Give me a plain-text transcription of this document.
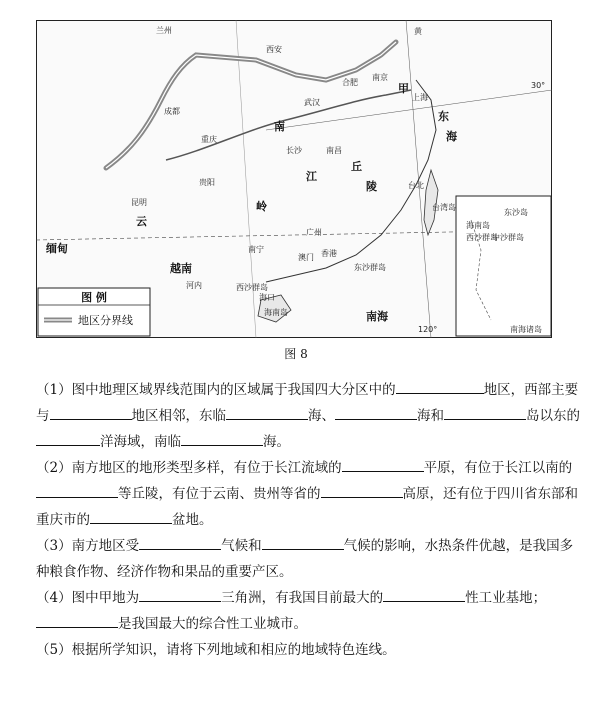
图 例
地区分界线
兰州
西安
黄
南京
合肥	甲
上海
武汉
成都
重庆
长沙	南昌
贵阳
昆明
云
南宁
广州
香港
澳门
台北
台湾岛
东沙群岛
西沙群岛
海南岛
海口
河内
越南
缅甸
南海
东沙岛
海南岛
西沙群岛
中沙群岛
南海诸岛
30°
120°
东
海
南
岭
江
丘
陵
图 8

（1）图中地理区域界线范围内的区域属于我国四大分区中的	地区，西部主要与	地区相邻，东临	海、	海和	岛以东的洋海域，南临	海。

（2）南方地区的地形类型多样，有位于长江流域的	平原，有位于长江以南的等丘陵，有位于云南、贵州等省的	高原，还有位于四川省东部和重庆市的	盆地。

（3）南方地区受	气候和	气候的影响，水热条件优越，是我国多种粮食作物、经济作物和果品的重要产区。

（4）图中甲地为	三角洲，有我国目前最大的	性工业基地；是我国最大的综合性工业城市。

（5）根据所学知识，请将下列地域和相应的地域特色连线。
